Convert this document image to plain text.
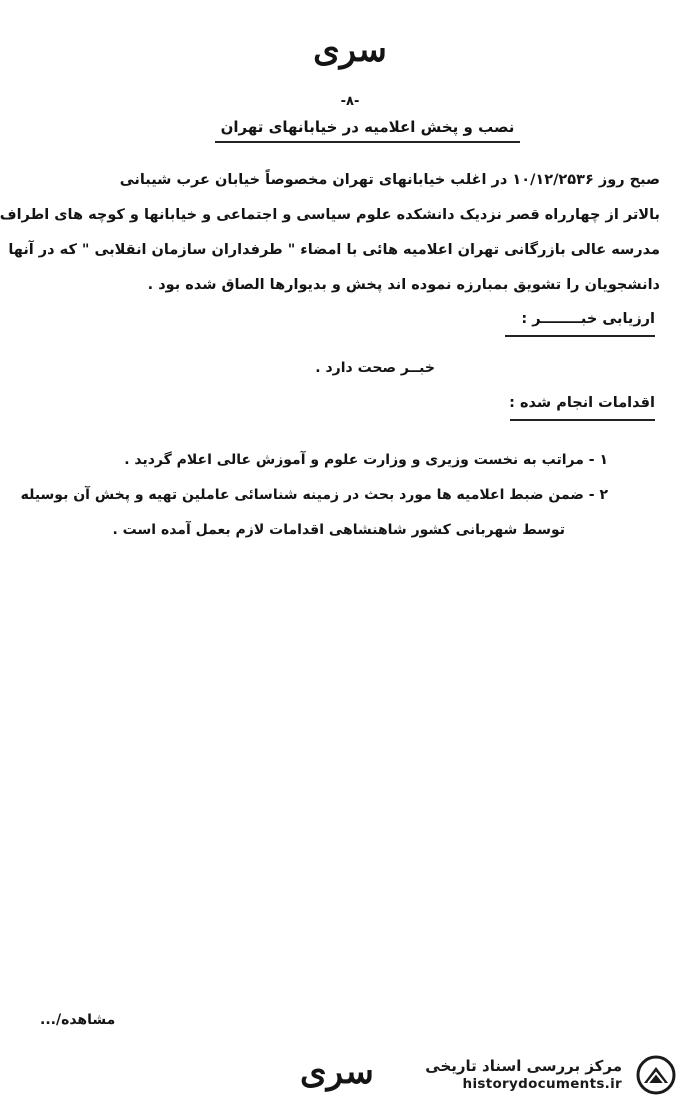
سری
-۸-
نصب و پخش اعلامیه در خیابانهای تهران
صبح روز ۱۰/۱۲/۲۵۳۶ در اغلب خیابانهای تهران مخصوصاً خیابان عرب شیبانی
بالاتر از چهارراه قصر نزدیک دانشکده علوم سیاسی و اجتماعی و خیابانها و کوچه های اطراف
مدرسه عالی بازرگانی تهران اعلامیه هائی با امضاء " طرفداران سازمان انقلابی " که در آنها
دانشجویان را تشویق بمبارزه نموده اند پخش و بدیوارها الصاق شده بود .
ارزیابی خبــــــــر :
خبــر صحت دارد .
اقدامات انجام شده :
۱ - مراتب به نخست وزیری و وزارت علوم و آموزش عالی اعلام گردید .
۲ - ضمن ضبط اعلامیه ها مورد بحث در زمینه شناسائی عاملین تهیه و پخش آن بوسیله
توسط شهربانی کشور شاهنشاهی اقدامات لازم بعمل آمده است .
مشاهده/...
سری	مرکز بررسی اسناد تاریخی
historydocuments.ir
